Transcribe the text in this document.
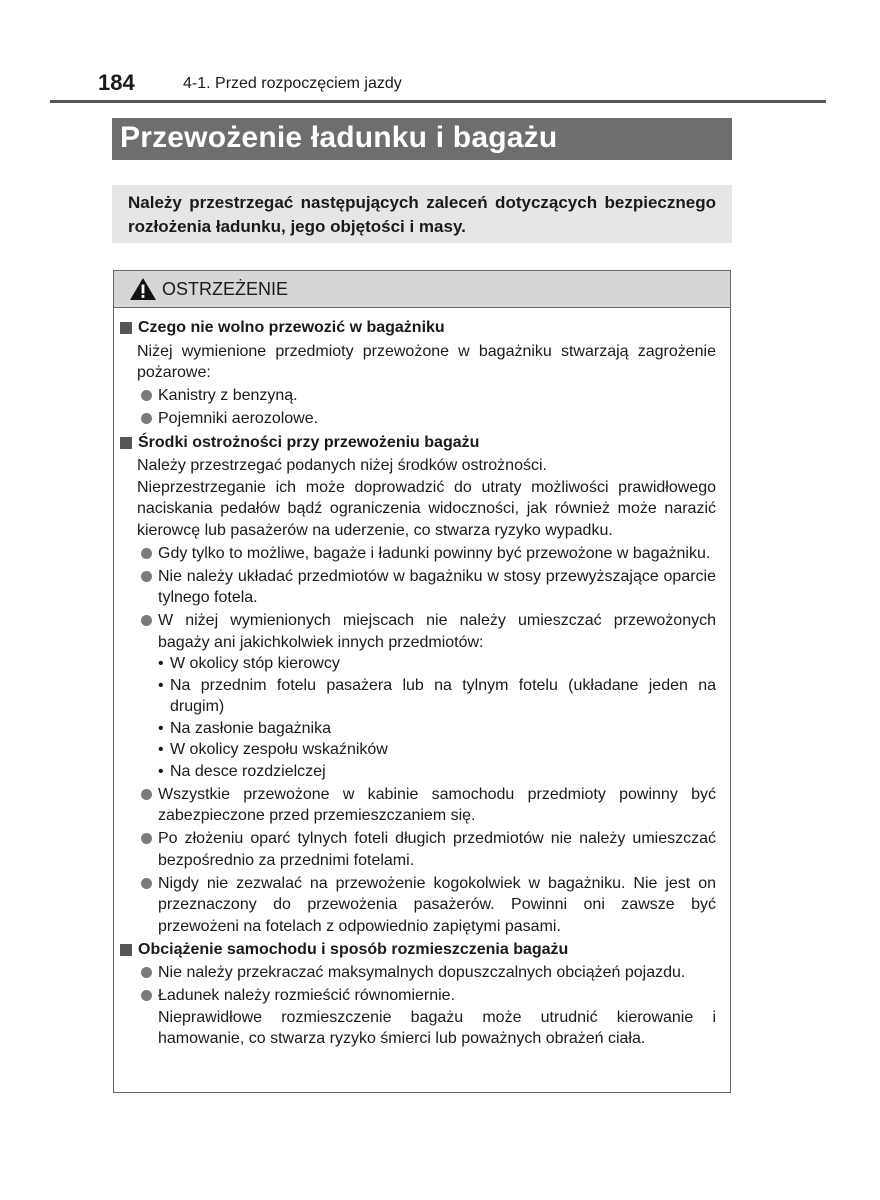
184	4-1. Przed rozpoczęciem jazdy
Przewożenie ładunku i bagażu
Należy przestrzegać następujących zaleceń dotyczących bezpiecznego rozłożenia ładunku, jego objętości i masy.
OSTRZEŻENIE
Czego nie wolno przewozić w bagażniku
Niżej wymienione przedmioty przewożone w bagażniku stwarzają zagrożenie pożarowe:
Kanistry z benzyną.
Pojemniki aerozolowe.
Środki ostrożności przy przewożeniu bagażu
Należy przestrzegać podanych niżej środków ostrożności.
Nieprzestrzeganie ich może doprowadzić do utraty możliwości prawidłowego naciskania pedałów bądź ograniczenia widoczności, jak również może narazić kierowcę lub pasażerów na uderzenie, co stwarza ryzyko wypadku.
Gdy tylko to możliwe, bagaże i ładunki powinny być przewożone w bagażniku.
Nie należy układać przedmiotów w bagażniku w stosy przewyższające oparcie tylnego fotela.
W niżej wymienionych miejscach nie należy umieszczać przewożonych bagaży ani jakichkolwiek innych przedmiotów:
• W okolicy stóp kierowcy
• Na przednim fotelu pasażera lub na tylnym fotelu (układane jeden na drugim)
• Na zasłonie bagażnika
• W okolicy zespołu wskaźników
• Na desce rozdzielczej
Wszystkie przewożone w kabinie samochodu przedmioty powinny być zabezpieczone przed przemieszczaniem się.
Po złożeniu oparć tylnych foteli długich przedmiotów nie należy umieszczać bezpośrednio za przednimi fotelami.
Nigdy nie zezwalać na przewożenie kogokolwiek w bagażniku. Nie jest on przeznaczony do przewożenia pasażerów. Powinni oni zawsze być przewożeni na fotelach z odpowiednio zapiętymi pasami.
Obciążenie samochodu i sposób rozmieszczenia bagażu
Nie należy przekraczać maksymalnych dopuszczalnych obciążeń pojazdu.
Ładunek należy rozmieścić równomiernie.
Nieprawidłowe rozmieszczenie bagażu może utrudnić kierowanie i hamowanie, co stwarza ryzyko śmierci lub poważnych obrażeń ciała.
